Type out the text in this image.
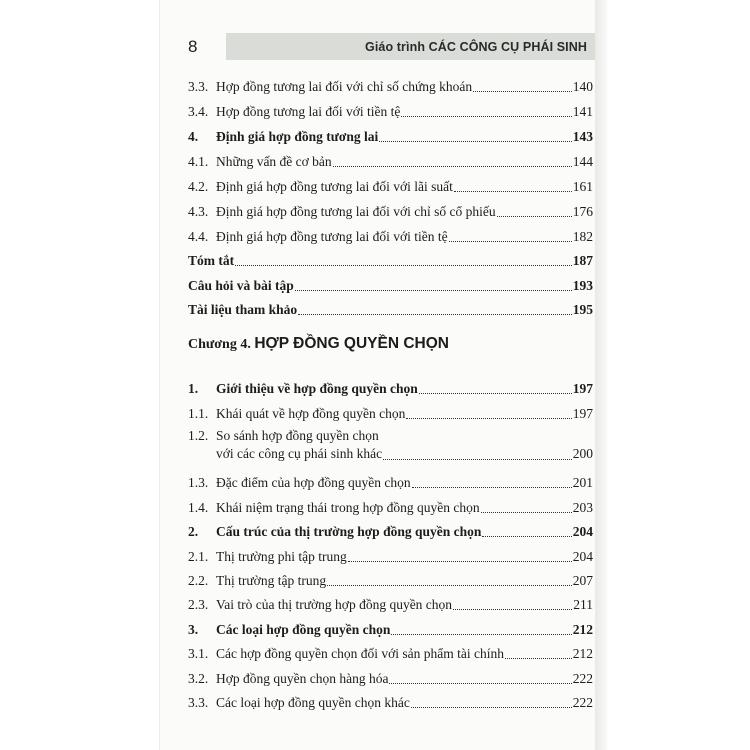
8	Giáo trình CÁC CÔNG CỤ PHÁI SINH
3.3. Hợp đồng tương lai đối với chỉ số chứng khoán	140
3.4. Hợp đồng tương lai đối với tiền tệ	141
4.	Định giá hợp đồng tương lai	143
4.1. Những vấn đề cơ bản	144
4.2. Định giá hợp đồng tương lai đối với lãi suất	161
4.3. Định giá hợp đồng tương lai đối với chỉ số cổ phiếu	176
4.4. Định giá hợp đồng tương lai đối với tiền tệ	182
Tóm tắt	187
Câu hỏi và bài tập	193
Tài liệu tham khảo	195
1.	Giới thiệu về hợp đồng quyền chọn	197
1.1. Khái quát về hợp đồng quyền chọn	197
1.2. So sánh hợp đồng quyền chọn
với các công cụ phái sinh khác	200
1.3. Đặc điểm của hợp đồng quyền chọn	201
1.4. Khái niệm trạng thái trong hợp đồng quyền chọn	203
2.	Cấu trúc của thị trường hợp đồng quyền chọn	204
2.1. Thị trường phi tập trung	204
2.2. Thị trường tập trung	207
2.3. Vai trò của thị trường hợp đồng quyền chọn	211
3.	Các loại hợp đồng quyền chọn	212
3.1. Các hợp đồng quyền chọn đối với sản phẩm tài chính	212
3.2. Hợp đồng quyền chọn hàng hóa	222
3.3. Các loại hợp đồng quyền chọn khác	222
Chương 4. HỢP ĐỒNG QUYỀN CHỌN
